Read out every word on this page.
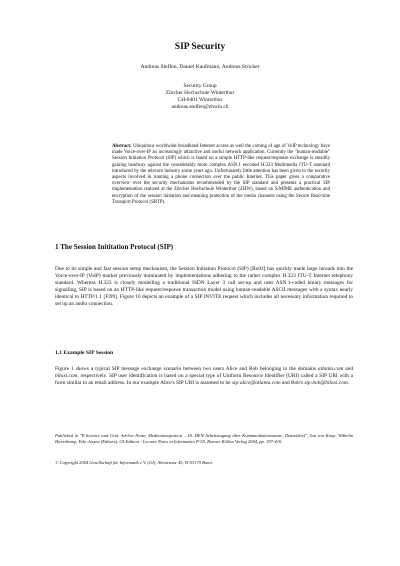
SIP Security
Andreas Steffen, Daniel Kaufmann, Andreas Stricker
Security Group
Zürcher Hochschule Winterthur
CH-8401 Winterthur
andreas.steffen@zhwin.ch
Abstract: Ubiquitous worldwide broadband Internet access as well the coming of age of VoIP technology have made Voice-over-IP an increasingly attractive and useful network application. Currently the "human-readable" Session Initiation Protocol (SIP) which is based on a simple HTTP-like request/response exchange is steadily gaining headway against the considerably more complex ASN.1 encoded H.323 Multimedia ITU-T standard introduced by the telecom industry some years ago. Unfortunately little attention has been given to the security aspects involved in running a phone connection over the public Internet. This paper gives a comparative overview over the security mechanisms recommended by the SIP standard and presents a practical SIP implementation realized at the Zürcher Hochschule Winterthur (ZHW), based on S/MIME authentication and encryption of the session initiation and meaning protection of the media channels using the Secure Real-time Transport Protocol (SRTP).
1 The Session Inititation Protocol (SIP)
Due to its simple and fast session setup mechanism, the Session Initiation Protocol (SIP) [Ro02] has quickly made large inroads into the Voice-over-IP (VoIP) market previously dominated by implementations adhering to the rather complex H.323 ITU-T Internet telephony standard. Whereas H.323 is closely modelling a traditional ISDN Layer 3 call set-up and uses ASN.1-coded binary messages for signalling, SIP is based on an HTTP-like request/response transaction model using human-readable ASCII messages with a syntax nearly identical to HTTP/1.1 [Fi99]. Figure 10 depicts an example of a SIP INVITE request which includes all necessary information required to set up an audio connection.
1.1 Example SIP Session
Figure 1 shows a typical SIP message exchange scenario between two users Alice and Bob belonging to the domains atlanta.com and biloxi.com, respectively. SIP user identification is based on a special type of Uniform Resource Identifier (URI) called a SIP URI with a form similar to an email address. In our example Alice's SIP URI is assumed to be sip:alice@atlanta.com and Bob's sip:bob@biloxi.com.
Published in "E-Science und Grid, Ad-hoc-Netze, Medienintegration – 18. DFN-Arbeitstagung über Kommunikationsnetze, Düsseldorf", Jan von Knop, Wilhelm Haverkamp, Eike Jessen (Editors), GI-Edition - Lecture Notes in Informatics P-55, Bonner Köllen Verlag 2004, pp. 397-410.
© Copyright 2004 Gesellschaft für Informatik e.V. (GI), Ahrstrasse 45, D-53175 Bonn.
